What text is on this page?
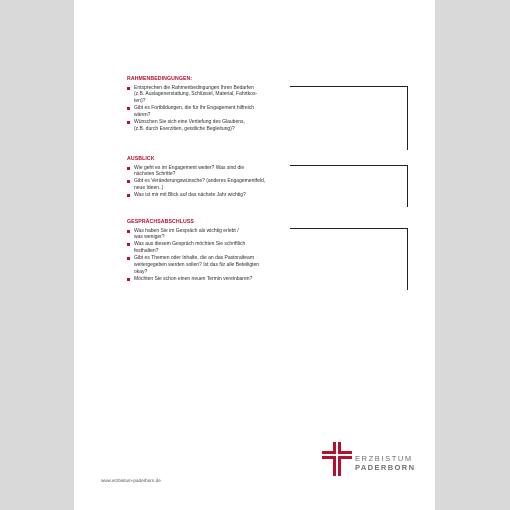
RAHMENBEDINGUNGEN:
Entsprechen die Rahmenbedingungen Ihren Bedarfen
(z.B. Auslagenerstattung, Schlüssel, Material, Fahrtkos-
ten)?
Gibt es Fortbildungen, die für Ihr Engagement hilfreich
wären?
Wünschen Sie sich eine Vertiefung des Glaubens,
(z.B. durch Exerzitien, geistliche Begleitung)?
AUSBLICK
Wie geht es im Engagement weiter? Was sind die
nächsten Schritte?
Gibt es Veränderungswünsche? (anderes Engagementfeld,
neue Ideen..)
Was ist mir mit Blick auf das nächste Jahr wichtig?
GESPRÄCHSABSCHLUSS
Was haben Sie im Gespräch als wichtig erlebt /
was weniger?
Was aus diesem Gespräch möchten Sie schriftlich
festhalten?
Gibt es Themen oder Inhalte, die an das Pastoralteam
weitergegeben werden sollen? Ist das für alle Beteiligten
okay?
Möchten Sie schon einen neuen Termin vereinbaren?
www.erzbistum-paderborn.de
ERZBISTUM
PADERBORN
